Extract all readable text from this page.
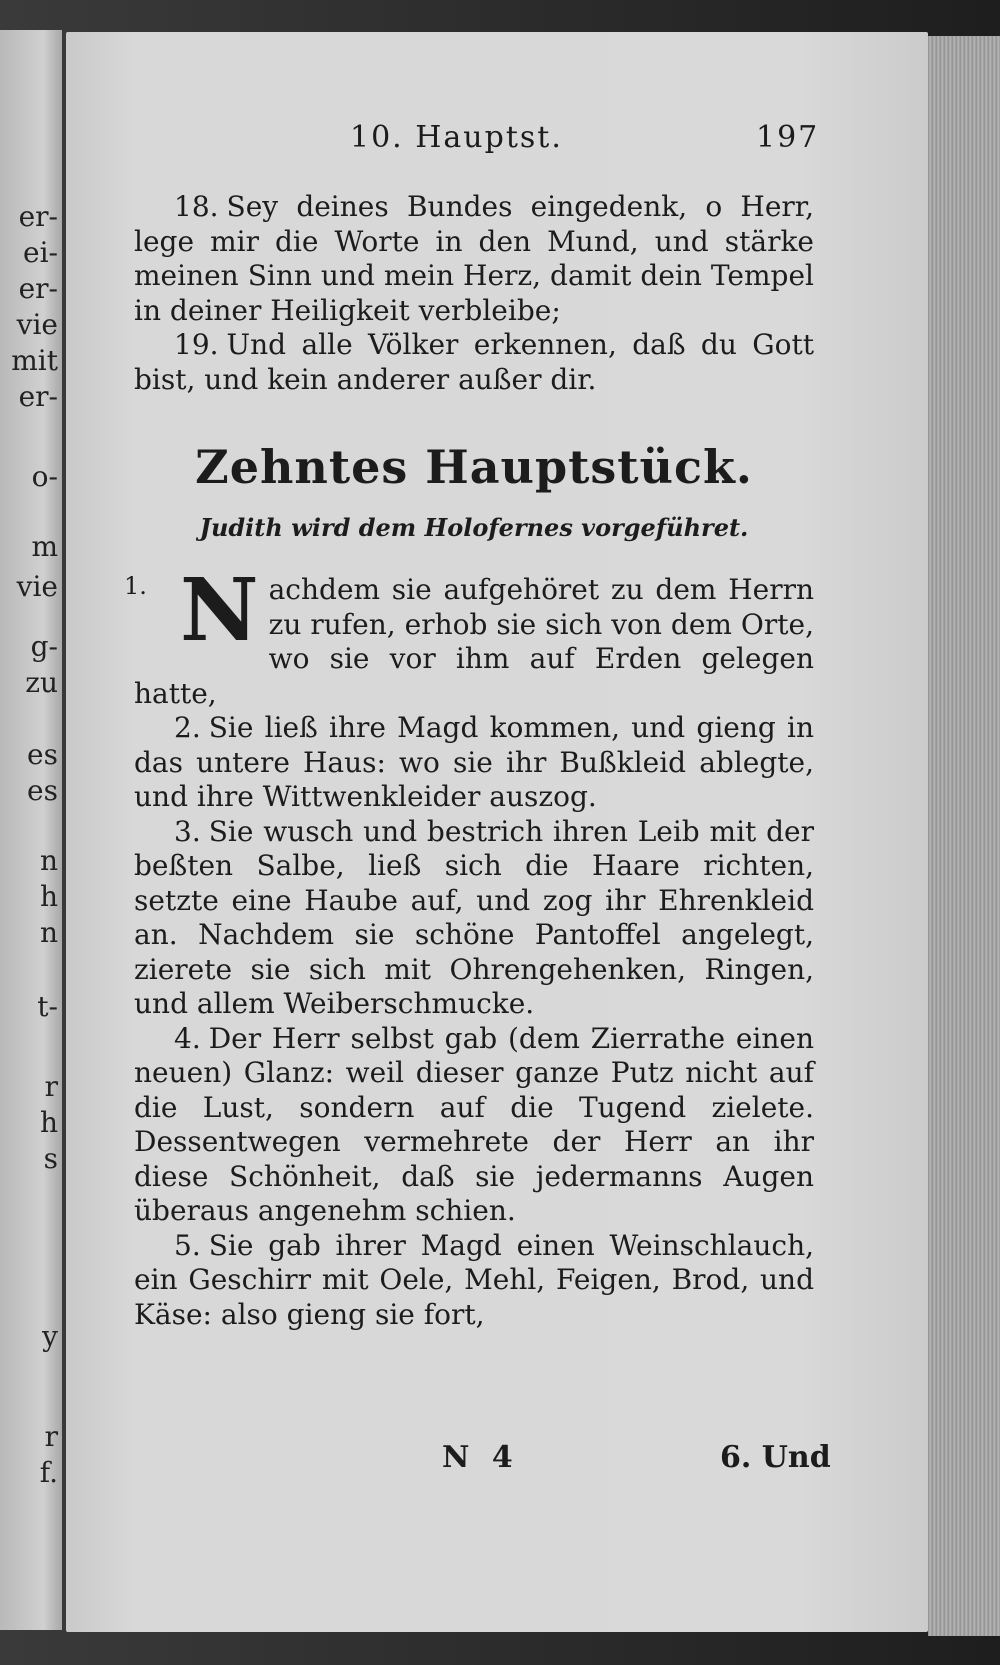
er-
ei-
er-
vie
mit
er-
o-
m
vie
g-
zu
es
es
n
h
n
t-
r
h
s
y
r
f.
10. Hauptst.	197

18. Sey deines Bundes eingedenk, o Herr, lege mir die Worte in den Mund, und stärke meinen Sinn und mein Herz, damit dein Tempel in deiner Heiligkeit verbleibe;

19. Und alle Völker erkennen, daß du Gott bist, und kein anderer außer dir.

Zehntes Hauptstück.
Judith wird dem Holofernes vorgeführet.

1. N achdem sie aufgehöret zu dem Herrn zu rufen, erhob sie sich von dem Orte, wo sie vor ihm auf Erden gelegen hatte,

2. Sie ließ ihre Magd kommen, und gieng in das untere Haus: wo sie ihr Bußkleid ablegte, und ihre Wittwenkleider auszog.

3. Sie wusch und bestrich ihren Leib mit der beßten Salbe, ließ sich die Haare richten, setzte eine Haube auf, und zog ihr Ehrenkleid an. Nachdem sie schöne Pantoffel angelegt, zierete sie sich mit Ohrengehenken, Ringen, und allem Weiberschmucke.

4. Der Herr selbst gab (dem Zierrathe einen neuen) Glanz: weil dieser ganze Putz nicht auf die Lust, sondern auf die Tugend zielete. Dessentwegen vermehrete der Herr an ihr diese Schönheit, daß sie jedermanns Augen überaus angenehm schien.

5. Sie gab ihrer Magd einen Weinschlauch, ein Geschirr mit Oele, Mehl, Feigen, Brod, und Käse: also gieng sie fort,

N 4	6. Und
